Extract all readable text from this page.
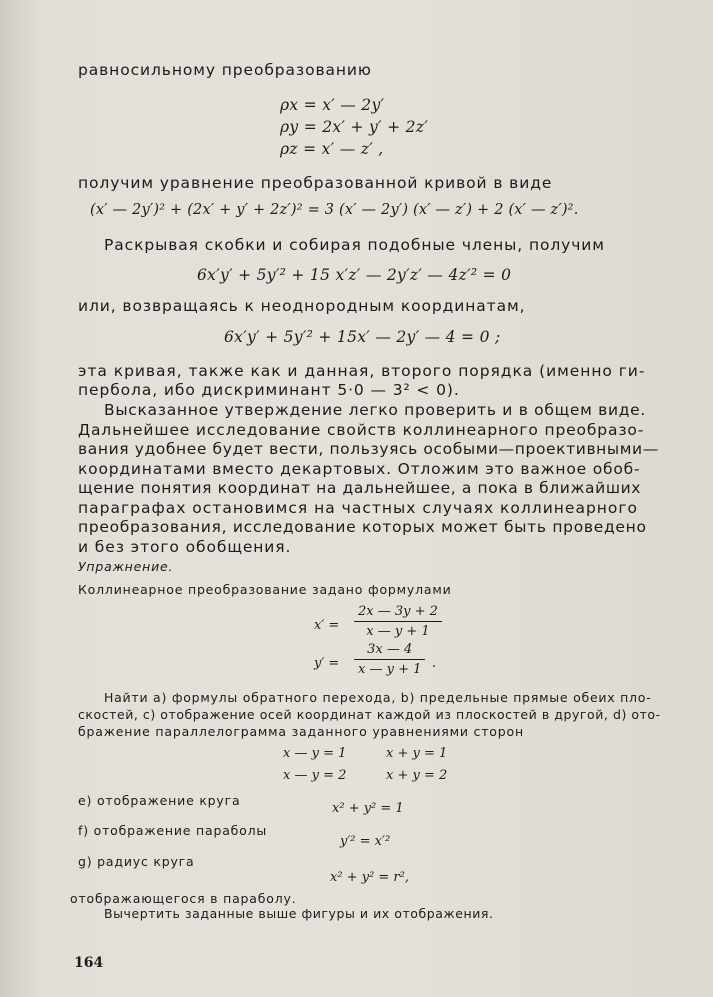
равносильному преобразованию
ρx = x′ — 2y′
ρy = 2x′ + y′ + 2z′
ρz = x′ — z′ ,
получим уравнение преобразованной кривой в виде
(x′ — 2y′)² + (2x′ + y′ + 2z′)² = 3 (x′ — 2y′) (x′ — z′) + 2 (x′ — z′)².
Раскрывая скобки и собирая подобные члены, получим
6x′y′ + 5y′² + 15 x′z′ — 2y′z′ — 4z′² = 0
или, возвращаясь к неоднородным координатам,
6x′y′ + 5y′² + 15x′ — 2y′ — 4 = 0 ;
эта кривая, также как и данная, второго порядка (именно ги-
пербола, ибо дискриминант 5·0 — 3² < 0).
Высказанное утверждение легко проверить и в общем виде.
Дальнейшее исследование свойств коллинеарного преобразо-
вания удобнее будет вести, пользуясь особыми—проективными—
координатами вместо декартовых. Отложим это важное обоб-
щение понятия координат на дальнейшее, а пока в ближайших
параграфах остановимся на частных случаях коллинеарного
преобразования, исследование которых может быть проведено
и без этого обобщения.
Упражнение.
Коллинеарное преобразование задано формулами
$x' = \frac{2x — 3y + 2}{x — y + 1}$
$y' = \frac{3x — 4}{x — y + 1}$ .
Найти a) формулы обратного перехода, b) предельные прямые обеих пло-
скостей, c) отображение осей координат каждой из плоскостей в другой, d) ото-
бражение параллелограмма заданного уравнениями сторон
x — y = 1	x + y = 1
x — y = 2	x + y = 2
e) отображение круга
x² + y² = 1
f) отображение параболы
y′² = x′²
g) радиус круга
x² + y² = r²,
отображающегося в параболу.
Вычертить заданные выше фигуры и их отображения.
164
